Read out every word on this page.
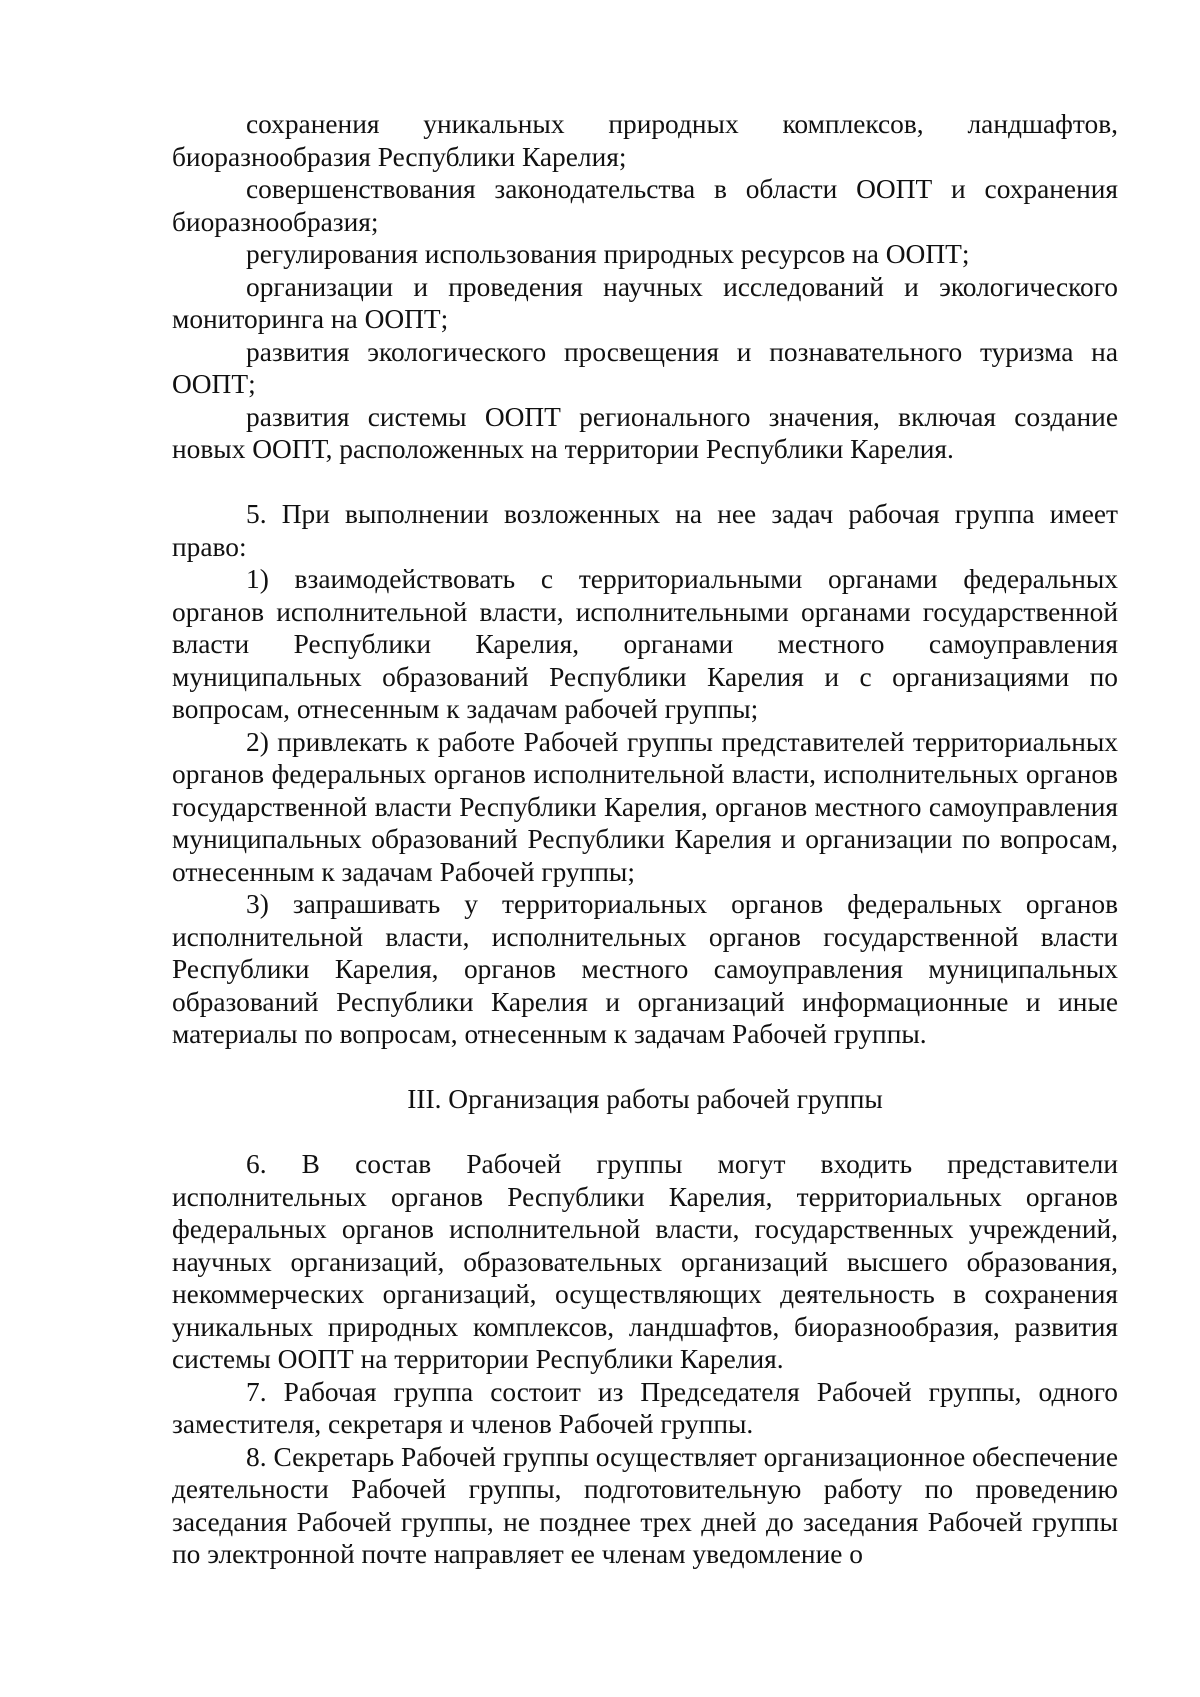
сохранения уникальных природных комплексов, ландшафтов, биоразнообразия Республики Карелия;

совершенствования законодательства в области ООПТ и сохранения биоразнообразия;

регулирования использования природных ресурсов на ООПТ;

организации и проведения научных исследований и экологического мониторинга на ООПТ;

развития экологического просвещения и познавательного туризма на ООПТ;

развития системы ООПТ регионального значения, включая создание новых ООПТ, расположенных на территории Республики Карелия.

5. При выполнении возложенных на нее задач рабочая группа имеет право:

1) взаимодействовать с территориальными органами федеральных органов исполнительной власти, исполнительными органами государственной власти Республики Карелия, органами местного самоуправления муниципальных образований Республики Карелия и с организациями по вопросам, отнесенным к задачам рабочей группы;

2) привлекать к работе Рабочей группы представителей территориальных органов федеральных органов исполнительной власти, исполнительных органов государственной власти Республики Карелия, органов местного самоуправления муниципальных образований Республики Карелия и организации по вопросам, отнесенным к задачам Рабочей группы;

3) запрашивать у территориальных органов федеральных органов исполнительной власти, исполнительных органов государственной власти Республики Карелия, органов местного самоуправления муниципальных образований Республики Карелия и организаций информационные и иные материалы по вопросам, отнесенным к задачам Рабочей группы.

III. Организация работы рабочей группы

6. В состав Рабочей группы могут входить представители исполнительных органов Республики Карелия, территориальных органов федеральных органов исполнительной власти, государственных учреждений, научных организаций, образовательных организаций высшего образования, некоммерческих организаций, осуществляющих деятельность в сохранения уникальных природных комплексов, ландшафтов, биоразнообразия, развития системы ООПТ на территории Республики Карелия.

7. Рабочая группа состоит из Председателя Рабочей группы, одного заместителя, секретаря и членов Рабочей группы.

8. Секретарь Рабочей группы осуществляет организационное обеспечение деятельности Рабочей группы, подготовительную работу по проведению заседания Рабочей группы, не позднее трех дней до заседания Рабочей группы по электронной почте направляет ее членам уведомление о
